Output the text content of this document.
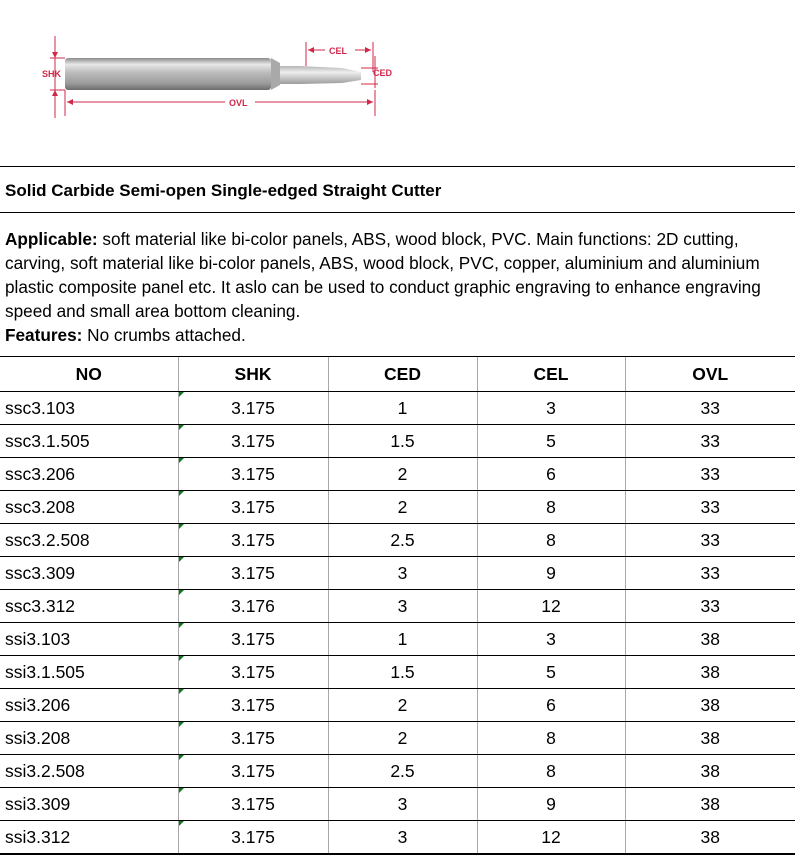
SHK
CEL
CED
OVL
Solid Carbide Semi-open Single-edged Straight Cutter
Applicable: soft material like bi-color panels, ABS, wood block, PVC. Main functions: 2D cutting, carving, soft material like bi-color panels, ABS, wood block, PVC, copper, aluminium and aluminium plastic composite panel etc. It aslo can be used to conduct graphic engraving to enhance engraving speed and small area bottom cleaning.
Features: No crumbs attached.
NO	SHK	CED	CEL	OVL
ssc3.103	3.175	1	3	33
ssc3.1.505	3.175	1.5	5	33
ssc3.206	3.175	2	6	33
ssc3.208	3.175	2	8	33
ssc3.2.508	3.175	2.5	8	33
ssc3.309	3.175	3	9	33
ssc3.312	3.176	3	12	33
ssi3.103	3.175	1	3	38
ssi3.1.505	3.175	1.5	5	38
ssi3.206	3.175	2	6	38
ssi3.208	3.175	2	8	38
ssi3.2.508	3.175	2.5	8	38
ssi3.309	3.175	3	9	38
ssi3.312	3.175	3	12	38
